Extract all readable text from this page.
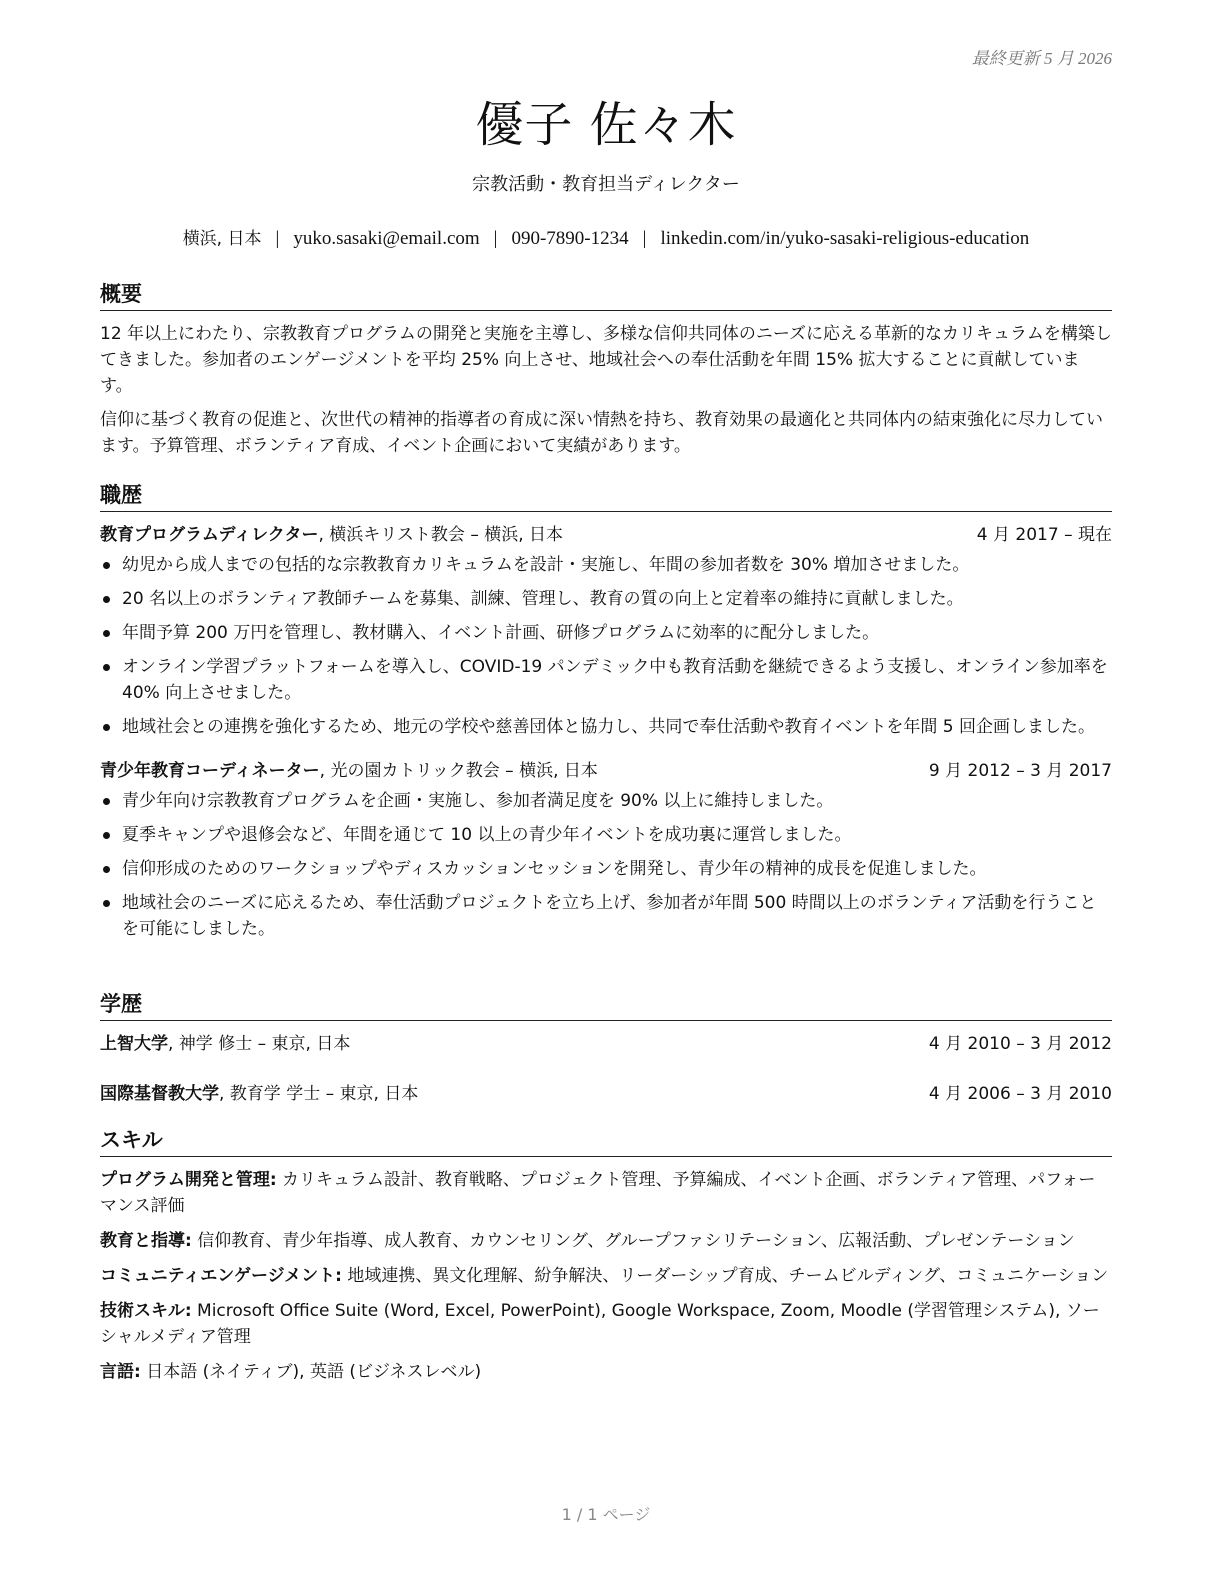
最終更新 5 月 2026
優子 佐々木
宗教活動・教育担当ディレクター
横浜, 日本 | yuko.sasaki@email.com | 090-7890-1234 | linkedin.com/in/yuko-sasaki-religious-education
概要

12 年以上にわたり、宗教教育プログラムの開発と実施を主導し、多様な信仰共同体のニーズに応える革新的なカリキュラムを構築してきました。参加者のエンゲージメントを平均 25% 向上させ、地域社会への奉仕活動を年間 15% 拡大することに貢献しています。

信仰に基づく教育の促進と、次世代の精神的指導者の育成に深い情熱を持ち、教育効果の最適化と共同体内の結束強化に尽力しています。予算管理、ボランティア育成、イベント企画において実績があります。

職歴
教育プログラムディレクター, 横浜キリスト教会 – 横浜, 日本	4 月 2017 – 現在
幼児から成人までの包括的な宗教教育カリキュラムを設計・実施し、年間の参加者数を 30% 増加させました。
20 名以上のボランティア教師チームを募集、訓練、管理し、教育の質の向上と定着率の維持に貢献しました。
年間予算 200 万円を管理し、教材購入、イベント計画、研修プログラムに効率的に配分しました。
オンライン学習プラットフォームを導入し、COVID-19 パンデミック中も教育活動を継続できるよう支援し、オンライン参加率を 40% 向上させました。
地域社会との連携を強化するため、地元の学校や慈善団体と協力し、共同で奉仕活動や教育イベントを年間 5 回企画しました。
青少年教育コーディネーター, 光の園カトリック教会 – 横浜, 日本	9 月 2012 – 3 月 2017
青少年向け宗教教育プログラムを企画・実施し、参加者満足度を 90% 以上に維持しました。
夏季キャンプや退修会など、年間を通じて 10 以上の青少年イベントを成功裏に運営しました。
信仰形成のためのワークショップやディスカッションセッションを開発し、青少年の精神的成長を促進しました。
地域社会のニーズに応えるため、奉仕活動プロジェクトを立ち上げ、参加者が年間 500 時間以上のボランティア活動を行うことを可能にしました。
学歴
上智大学, 神学 修士 – 東京, 日本	4 月 2010 – 3 月 2012
国際基督教大学, 教育学 学士 – 東京, 日本	4 月 2006 – 3 月 2010
スキル
プログラム開発と管理: カリキュラム設計、教育戦略、プロジェクト管理、予算編成、イベント企画、ボランティア管理、パフォーマンス評価
教育と指導: 信仰教育、青少年指導、成人教育、カウンセリング、グループファシリテーション、広報活動、プレゼンテーション
コミュニティエンゲージメント: 地域連携、異文化理解、紛争解決、リーダーシップ育成、チームビルディング、コミュニケーション
技術スキル: Microsoft Office Suite (Word, Excel, PowerPoint), Google Workspace, Zoom, Moodle (学習管理システム), ソーシャルメディア管理
言語: 日本語 (ネイティブ), 英語 (ビジネスレベル)
1 / 1 ページ
